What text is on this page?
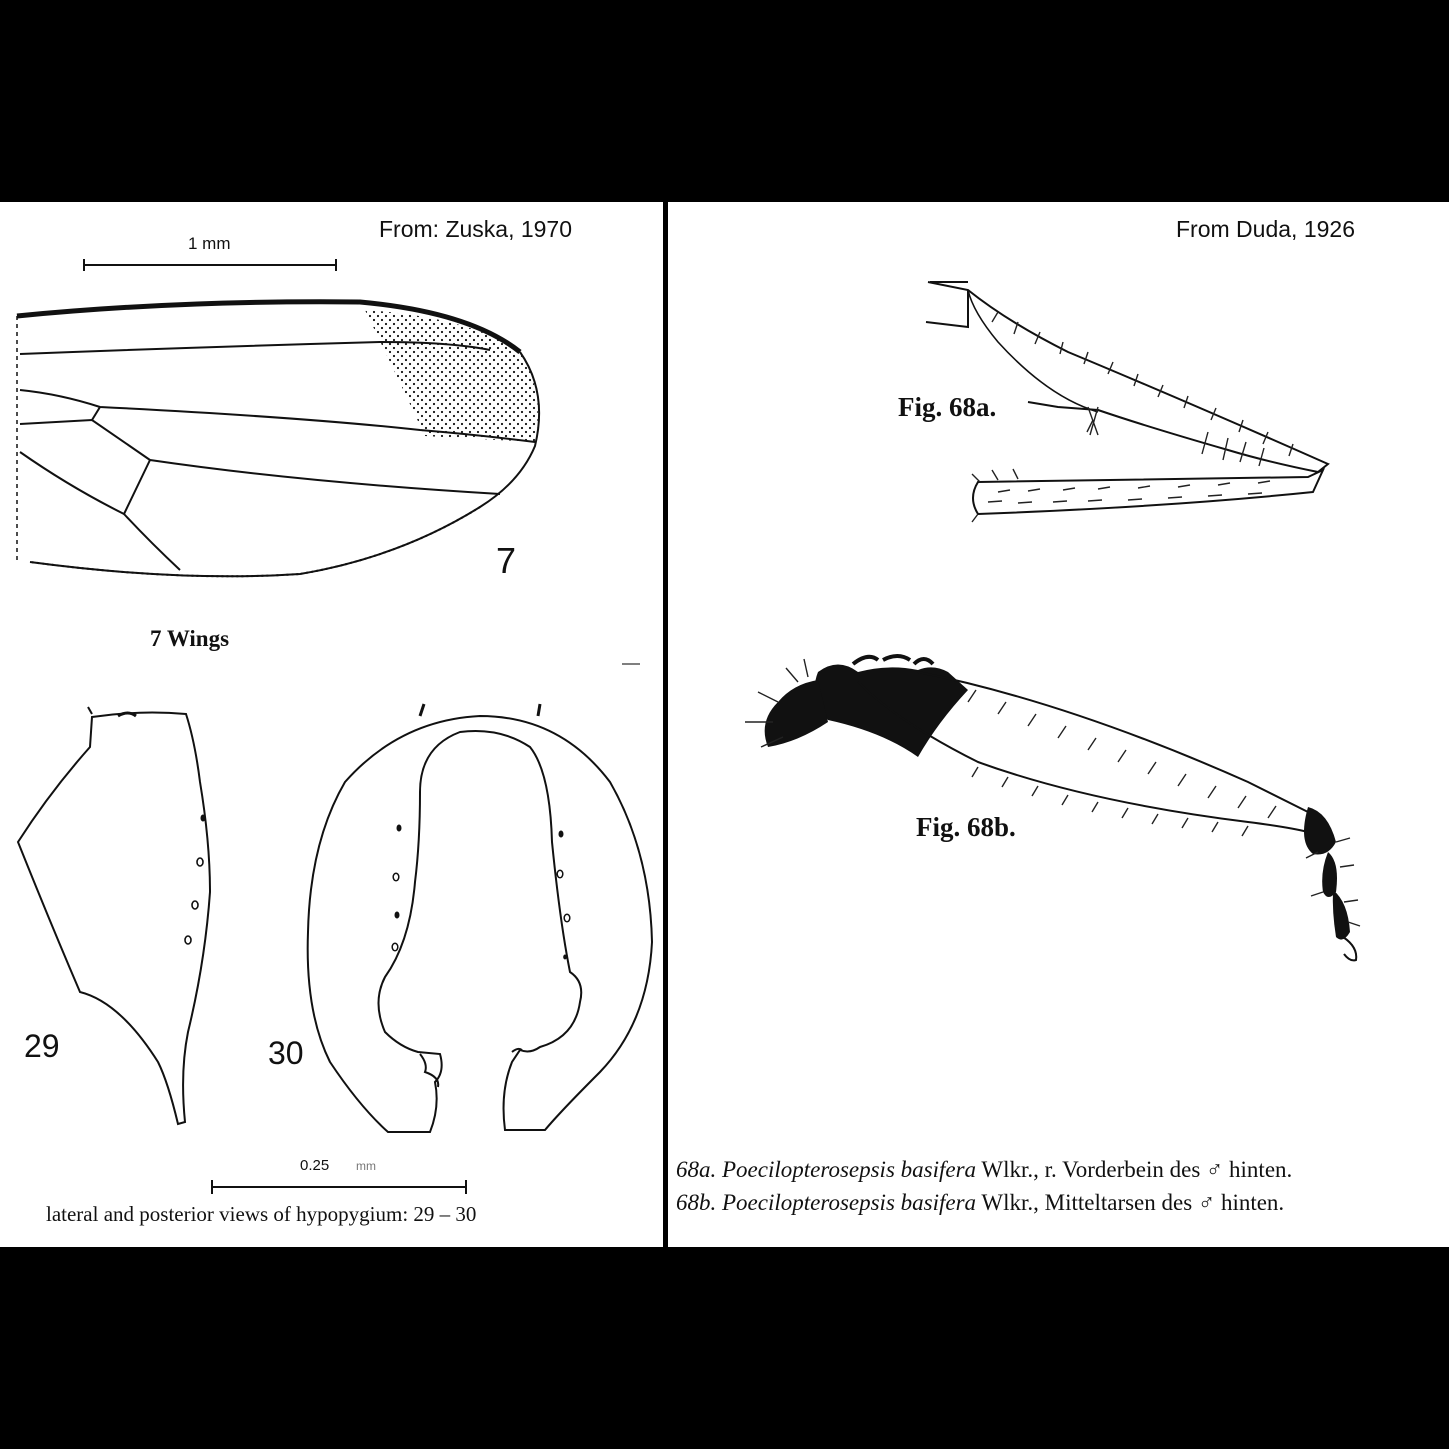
From: Zuska, 1970
1 mm
7
7 Wings
29	30
0.25 mm
lateral and posterior views of hypopygium: 29 – 30
From Duda, 1926
Fig. 68a.
Fig. 68b.
68a. Poecilopterosepsis basifera Wlkr., r. Vorderbein des ♂ hinten.
68b. Poecilopterosepsis basifera Wlkr., Mitteltarsen des ♂ hinten.
